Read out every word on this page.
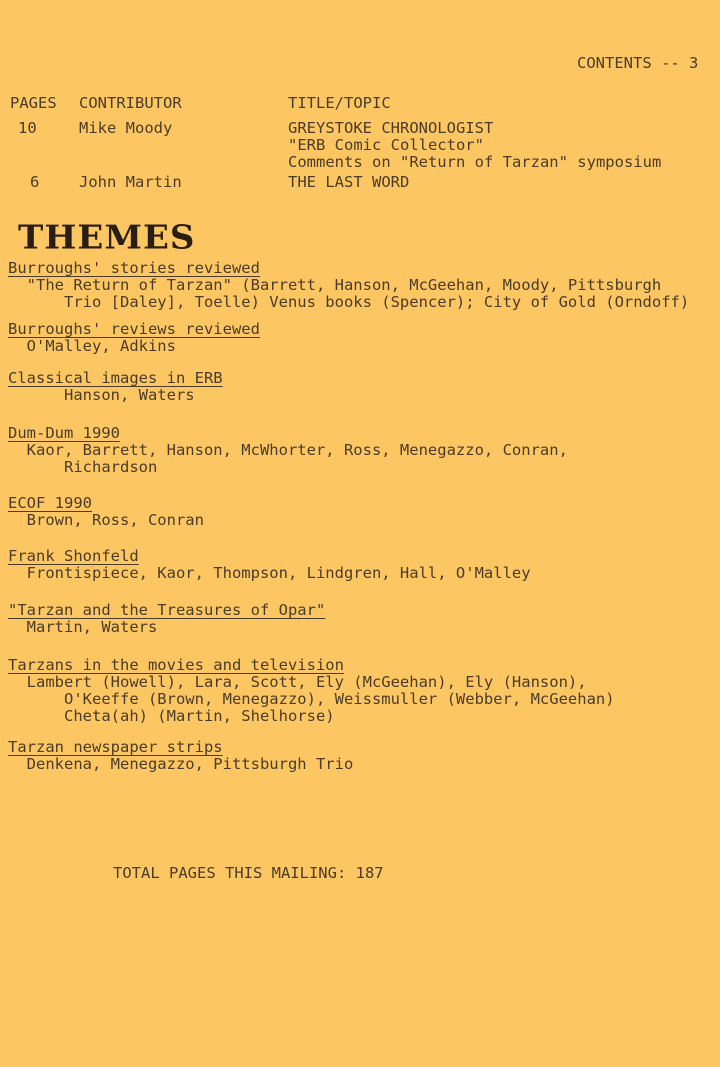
CONTENTS -- 3
PAGES CONTRIBUTOR	TITLE/TOPIC
10	Mike Moody	GREYSTOKE CHRONOLOGIST
"ERB Comic Collector"
Comments on "Return of Tarzan" symposium
6	John Martin	THE LAST WORD
THEMES
Burroughs' stories reviewed
"The Return of Tarzan" (Barrett, Hanson, McGeehan, Moody, Pittsburgh
Trio [Daley], Toelle) Venus books (Spencer); City of Gold (Orndoff)
Burroughs' reviews reviewed
O'Malley, Adkins
Classical images in ERB
Hanson, Waters
Dum-Dum 1990
Kaor, Barrett, Hanson, McWhorter, Ross, Menegazzo, Conran,
Richardson
ECOF 1990
Brown, Ross, Conran
Frank Shonfeld
Frontispiece, Kaor, Thompson, Lindgren, Hall, O'Malley
"Tarzan and the Treasures of Opar"
Martin, Waters
Tarzans in the movies and television
Lambert (Howell), Lara, Scott, Ely (McGeehan), Ely (Hanson),
O'Keeffe (Brown, Menegazzo), Weissmuller (Webber, McGeehan)
Cheta(ah) (Martin, Shelhorse)
Tarzan newspaper strips
Denkena, Menegazzo, Pittsburgh Trio
TOTAL PAGES THIS MAILING: 187
